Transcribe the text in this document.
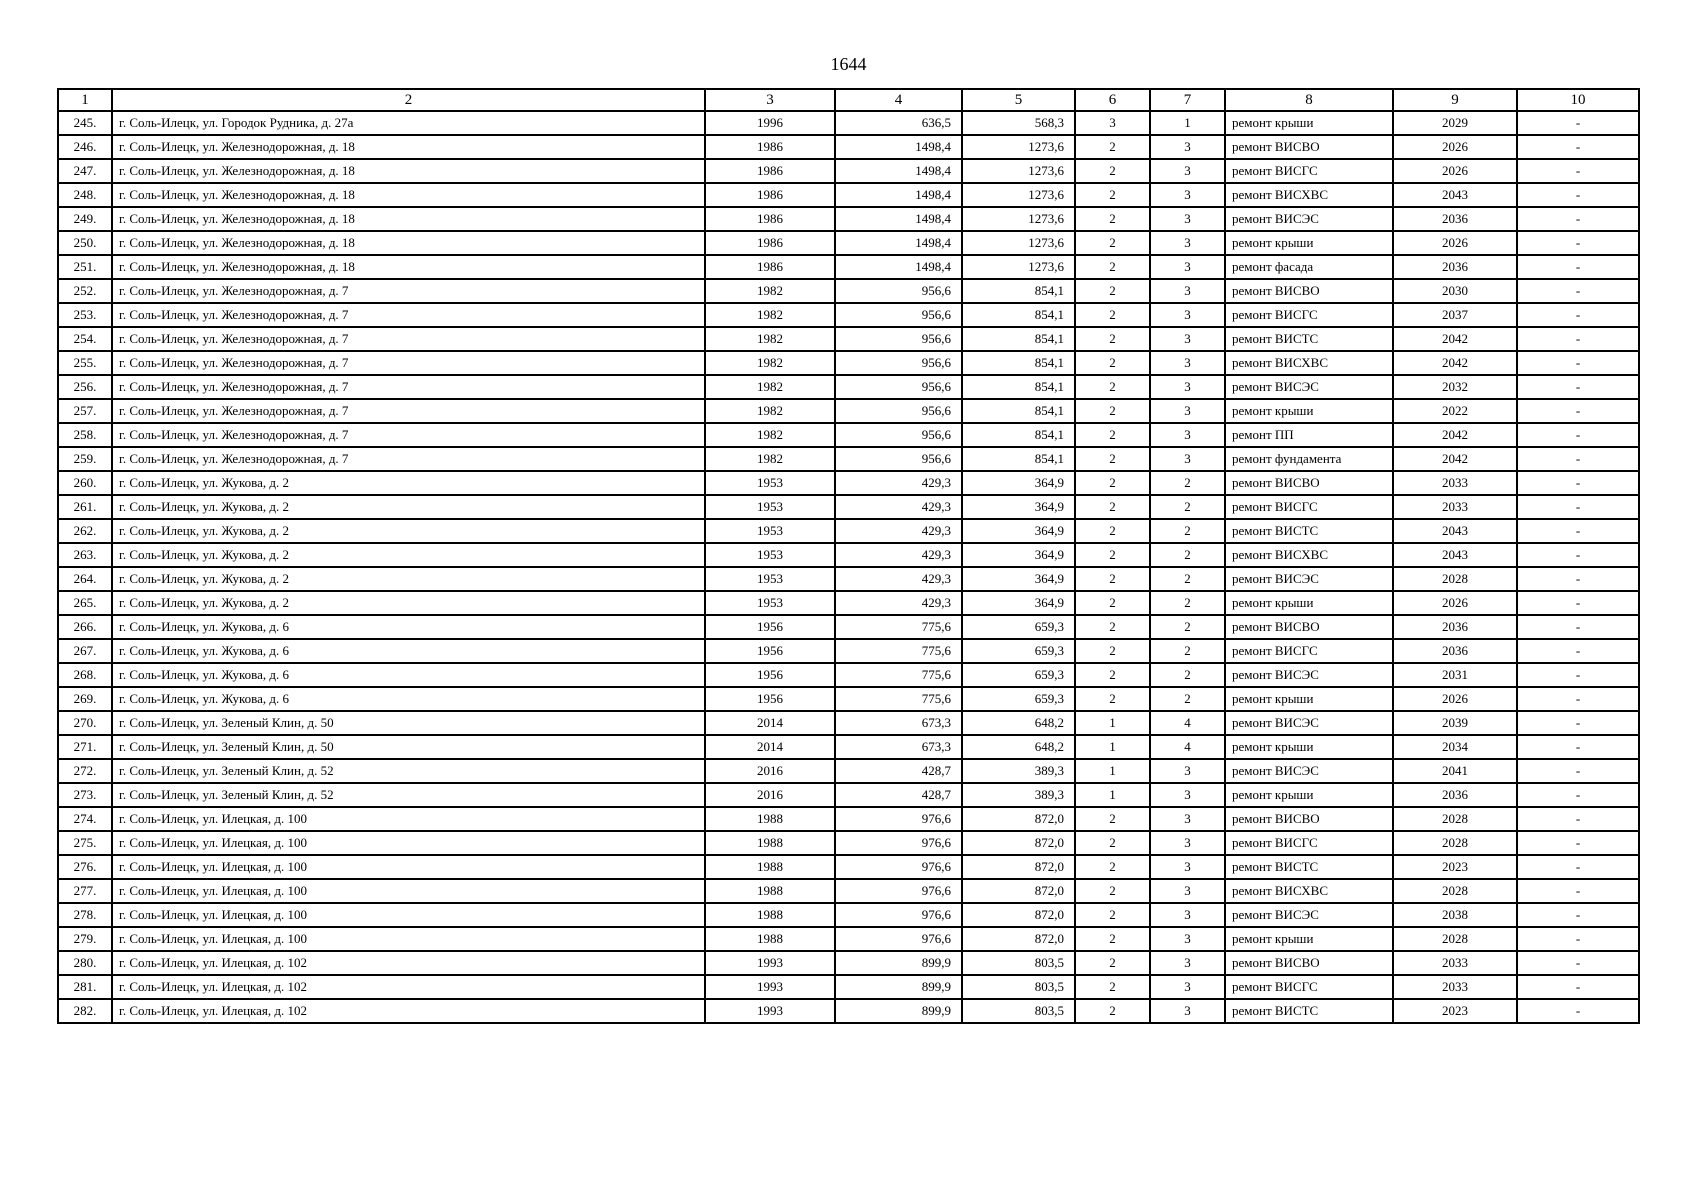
1644
1	2	3	4	5	6	7	8	9	10
245.	г. Соль-Илецк, ул. Городок Рудника, д. 27а	1996	636,5	568,3	3	1	ремонт крыши	2029	-
246.	г. Соль-Илецк, ул. Железнодорожная, д. 18	1986	1498,4	1273,6	2	3	ремонт ВИСВО	2026	-
247.	г. Соль-Илецк, ул. Железнодорожная, д. 18	1986	1498,4	1273,6	2	3	ремонт ВИСГС	2026	-
248.	г. Соль-Илецк, ул. Железнодорожная, д. 18	1986	1498,4	1273,6	2	3	ремонт ВИСХВС	2043	-
249.	г. Соль-Илецк, ул. Железнодорожная, д. 18	1986	1498,4	1273,6	2	3	ремонт ВИСЭС	2036	-
250.	г. Соль-Илецк, ул. Железнодорожная, д. 18	1986	1498,4	1273,6	2	3	ремонт крыши	2026	-
251.	г. Соль-Илецк, ул. Железнодорожная, д. 18	1986	1498,4	1273,6	2	3	ремонт фасада	2036	-
252.	г. Соль-Илецк, ул. Железнодорожная, д. 7	1982	956,6	854,1	2	3	ремонт ВИСВО	2030	-
253.	г. Соль-Илецк, ул. Железнодорожная, д. 7	1982	956,6	854,1	2	3	ремонт ВИСГС	2037	-
254.	г. Соль-Илецк, ул. Железнодорожная, д. 7	1982	956,6	854,1	2	3	ремонт ВИСТС	2042	-
255.	г. Соль-Илецк, ул. Железнодорожная, д. 7	1982	956,6	854,1	2	3	ремонт ВИСХВС	2042	-
256.	г. Соль-Илецк, ул. Железнодорожная, д. 7	1982	956,6	854,1	2	3	ремонт ВИСЭС	2032	-
257.	г. Соль-Илецк, ул. Железнодорожная, д. 7	1982	956,6	854,1	2	3	ремонт крыши	2022	-
258.	г. Соль-Илецк, ул. Железнодорожная, д. 7	1982	956,6	854,1	2	3	ремонт ПП	2042	-
259.	г. Соль-Илецк, ул. Железнодорожная, д. 7	1982	956,6	854,1	2	3	ремонт фундамента	2042	-
260.	г. Соль-Илецк, ул. Жукова, д. 2	1953	429,3	364,9	2	2	ремонт ВИСВО	2033	-
261.	г. Соль-Илецк, ул. Жукова, д. 2	1953	429,3	364,9	2	2	ремонт ВИСГС	2033	-
262.	г. Соль-Илецк, ул. Жукова, д. 2	1953	429,3	364,9	2	2	ремонт ВИСТС	2043	-
263.	г. Соль-Илецк, ул. Жукова, д. 2	1953	429,3	364,9	2	2	ремонт ВИСХВС	2043	-
264.	г. Соль-Илецк, ул. Жукова, д. 2	1953	429,3	364,9	2	2	ремонт ВИСЭС	2028	-
265.	г. Соль-Илецк, ул. Жукова, д. 2	1953	429,3	364,9	2	2	ремонт крыши	2026	-
266.	г. Соль-Илецк, ул. Жукова, д. 6	1956	775,6	659,3	2	2	ремонт ВИСВО	2036	-
267.	г. Соль-Илецк, ул. Жукова, д. 6	1956	775,6	659,3	2	2	ремонт ВИСГС	2036	-
268.	г. Соль-Илецк, ул. Жукова, д. 6	1956	775,6	659,3	2	2	ремонт ВИСЭС	2031	-
269.	г. Соль-Илецк, ул. Жукова, д. 6	1956	775,6	659,3	2	2	ремонт крыши	2026	-
270.	г. Соль-Илецк, ул. Зеленый Клин, д. 50	2014	673,3	648,2	1	4	ремонт ВИСЭС	2039	-
271.	г. Соль-Илецк, ул. Зеленый Клин, д. 50	2014	673,3	648,2	1	4	ремонт крыши	2034	-
272.	г. Соль-Илецк, ул. Зеленый Клин, д. 52	2016	428,7	389,3	1	3	ремонт ВИСЭС	2041	-
273.	г. Соль-Илецк, ул. Зеленый Клин, д. 52	2016	428,7	389,3	1	3	ремонт крыши	2036	-
274.	г. Соль-Илецк, ул. Илецкая, д. 100	1988	976,6	872,0	2	3	ремонт ВИСВО	2028	-
275.	г. Соль-Илецк, ул. Илецкая, д. 100	1988	976,6	872,0	2	3	ремонт ВИСГС	2028	-
276.	г. Соль-Илецк, ул. Илецкая, д. 100	1988	976,6	872,0	2	3	ремонт ВИСТС	2023	-
277.	г. Соль-Илецк, ул. Илецкая, д. 100	1988	976,6	872,0	2	3	ремонт ВИСХВС	2028	-
278.	г. Соль-Илецк, ул. Илецкая, д. 100	1988	976,6	872,0	2	3	ремонт ВИСЭС	2038	-
279.	г. Соль-Илецк, ул. Илецкая, д. 100	1988	976,6	872,0	2	3	ремонт крыши	2028	-
280.	г. Соль-Илецк, ул. Илецкая, д. 102	1993	899,9	803,5	2	3	ремонт ВИСВО	2033	-
281.	г. Соль-Илецк, ул. Илецкая, д. 102	1993	899,9	803,5	2	3	ремонт ВИСГС	2033	-
282.	г. Соль-Илецк, ул. Илецкая, д. 102	1993	899,9	803,5	2	3	ремонт ВИСТС	2023	-
